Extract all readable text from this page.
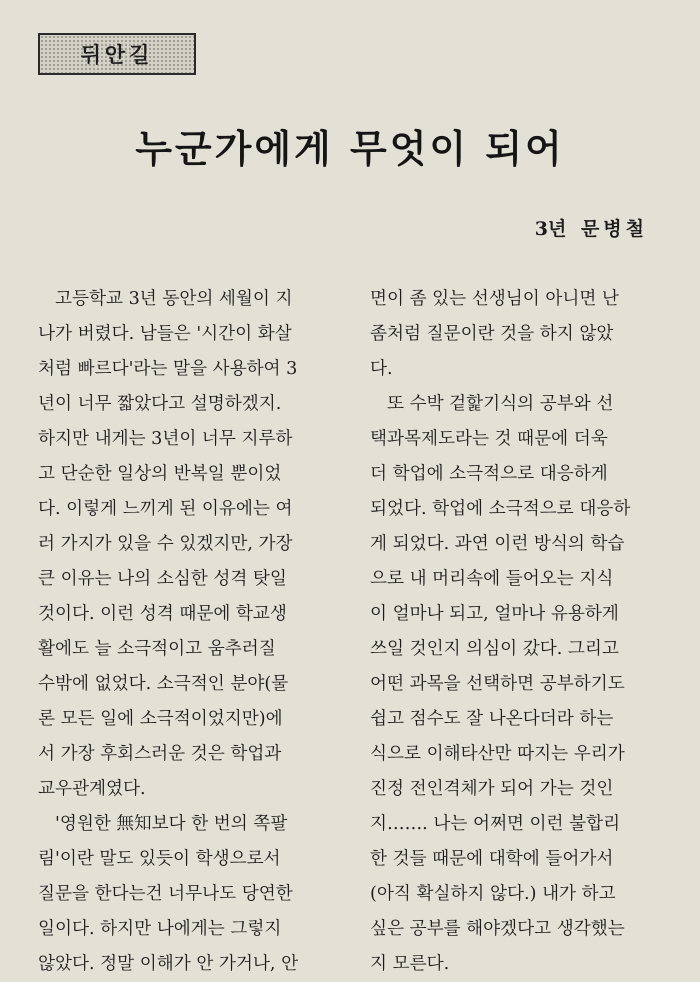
뒤안길
누군가에게 무엇이 되어
3년 문병철
고등학교 3년 동안의 세월이 지
나가 버렸다. 남들은 '시간이 화살
처럼 빠르다'라는 말을 사용하여 3
년이 너무 짧았다고 설명하겠지.
하지만 내게는 3년이 너무 지루하
고 단순한 일상의 반복일 뿐이었
다. 이렇게 느끼게 된 이유에는 여
러 가지가 있을 수 있겠지만, 가장
큰 이유는 나의 소심한 성격 탓일
것이다. 이런 성격 때문에 학교생
활에도 늘 소극적이고 움추러질
수밖에 없었다. 소극적인 분야(물
론 모든 일에 소극적이었지만)에
서 가장 후회스러운 것은 학업과
교우관계였다.
'영원한 無知보다 한 번의 쪽팔
림'이란 말도 있듯이 학생으로서
질문을 한다는건 너무나도 당연한
일이다. 하지만 나에게는 그렇지
않았다. 정말 이해가 안 가거나, 안
면이 좀 있는 선생님이 아니면 난
좀처럼 질문이란 것을 하지 않았
다.
또 수박 겉핥기식의 공부와 선
택과목제도라는 것 때문에 더욱
더 학업에 소극적으로 대응하게
되었다. 학업에 소극적으로 대응하
게 되었다. 과연 이런 방식의 학습
으로 내 머리속에 들어오는 지식
이 얼마나 되고, 얼마나 유용하게
쓰일 것인지 의심이 갔다. 그리고
어떤 과목을 선택하면 공부하기도
쉽고 점수도 잘 나온다더라 하는
식으로 이해타산만 따지는 우리가
진정 전인격체가 되어 가는 것인
지……. 나는 어쩌면 이런 불합리
한 것들 때문에 대학에 들어가서
(아직 확실하지 않다.) 내가 하고
싶은 공부를 해야겠다고 생각했는
지 모른다.
